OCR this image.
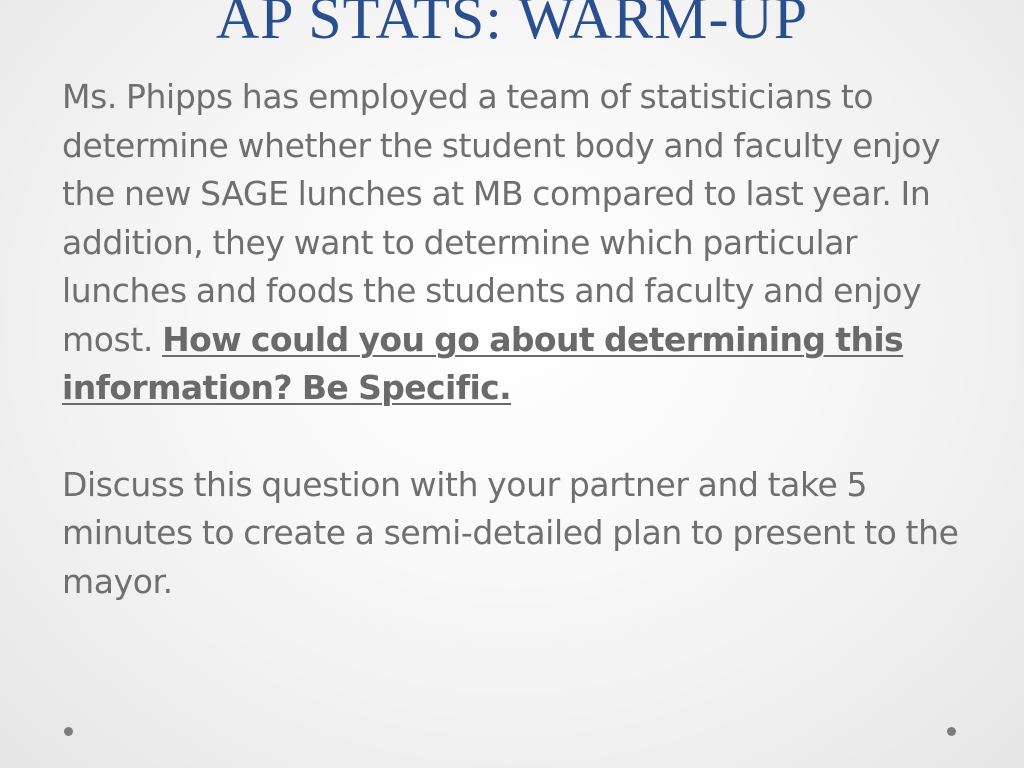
AP STATS: WARM-UP

Ms. Phipps has employed a team of statisticians to determine whether the student body and faculty enjoy the new SAGE lunches at MB compared to last year. In addition, they want to determine which particular lunches and foods the students and faculty and enjoy most. How could you go about determining this information? Be Specific.

Discuss this question with your partner and take 5 minutes to create a semi-detailed plan to present to the mayor.
